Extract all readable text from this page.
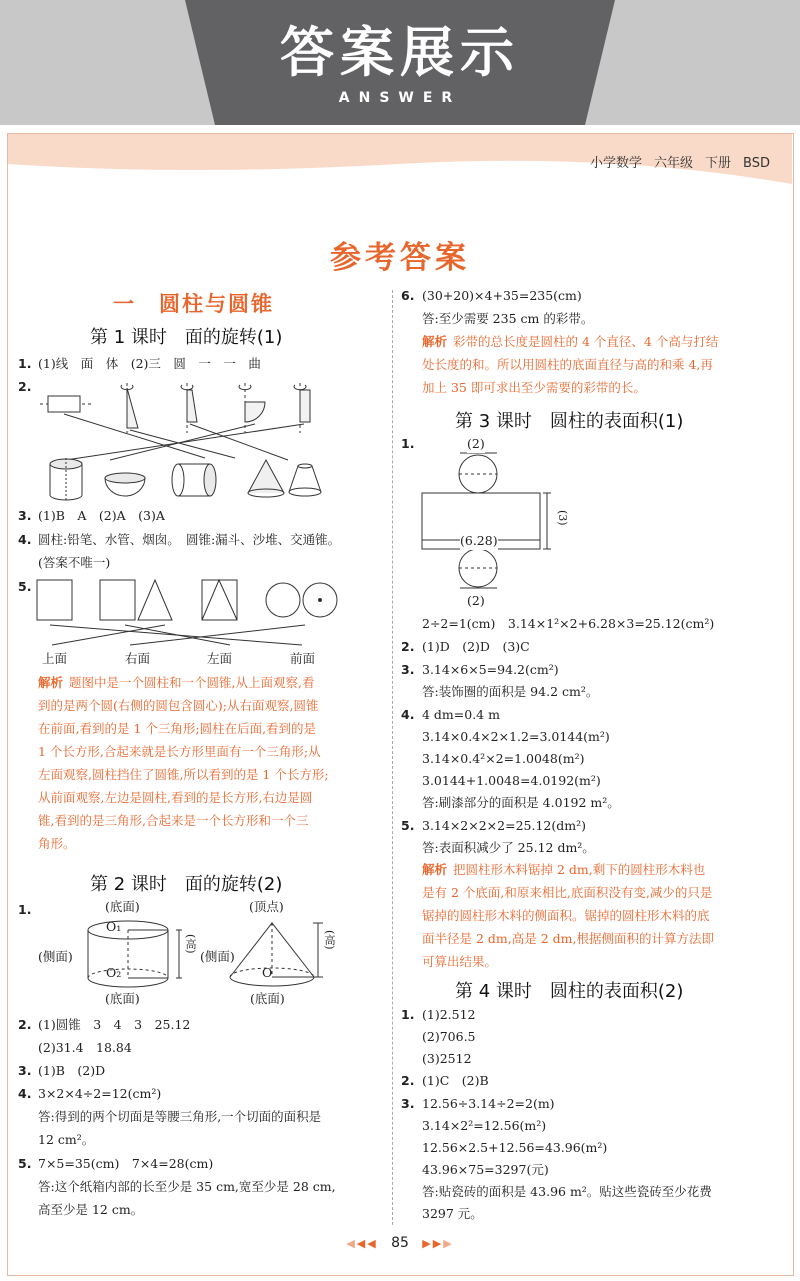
答案展示
ANSWER
小学数学 六年级 下册 BSD
参考答案
一　圆柱与圆锥
第 1 课时　面的旋转(1)
1. (1)线　面　体　(2)三　圆　一　一　曲
2.
3. (1)B　A　(2)A　(3)A
4. 圆柱:铅笔、水管、烟囱。　圆锥:漏斗、沙堆、交通锥。
(答案不唯一)
5.
上面	右面	左面	前面
解析 题图中是一个圆柱和一个圆锥,从上面观察,看
到的是两个圆(右侧的圆包含圆心);从右面观察,圆锥
在前面,看到的是 1 个三角形;圆柱在后面,看到的是
1 个长方形,合起来就是长方形里面有一个三角形;从
左面观察,圆柱挡住了圆锥,所以看到的是 1 个长方形;
从前面观察,左边是圆柱,看到的是长方形,右边是圆
锥,看到的是三角形,合起来是一个长方形和一个三
角形。
第 2 课时　面的旋转(2)
1.	(底面)
(侧面)
O₁
O₂
(高)
(底面)
(顶点)
(侧面)
O
(高)
(底面)
2. (1)圆锥　3　4　3　25.12
(2)31.4　18.84
3. (1)B　(2)D
4. 3×2×4÷2=12(cm²)
答:得到的两个切面是等腰三角形,一个切面的面积是
12 cm²。
5. 7×5=35(cm)　7×4=28(cm)
答:这个纸箱内部的长至少是 35 cm,宽至少是 28 cm,
高至少是 12 cm。
6. (30+20)×4+35=235(cm)
答:至少需要 235 cm 的彩带。
解析 彩带的总长度是圆柱的 4 个直径、4 个高与打结
处长度的和。所以用圆柱的底面直径与高的和乘 4,再
加上 35 即可求出至少需要的彩带的长。
第 3 课时　圆柱的表面积(1)
1.	(2)
(6.28)
(3)
(2)
2÷2=1(cm)　3.14×1²×2+6.28×3=25.12(cm²)
2. (1)D　(2)D　(3)C
3. 3.14×6×5=94.2(cm²)
答:装饰圈的面积是 94.2 cm²。
4. 4 dm=0.4 m
3.14×0.4×2×1.2=3.0144(m²)
3.14×0.4²×2=1.0048(m²)
3.0144+1.0048=4.0192(m²)
答:刷漆部分的面积是 4.0192 m²。
5. 3.14×2×2×2=25.12(dm²)
答:表面积减少了 25.12 dm²。
解析 把圆柱形木料锯掉 2 dm,剩下的圆柱形木料也
是有 2 个底面,和原来相比,底面积没有变,减少的只是
锯掉的圆柱形木料的侧面积。锯掉的圆柱形木料的底
面半径是 2 dm,高是 2 dm,根据侧面积的计算方法即
可算出结果。
第 4 课时　圆柱的表面积(2)
1. (1)2.512
(2)706.5
(3)2512
2. (1)C　(2)B
3. 12.56÷3.14÷2=2(m)
3.14×2²=12.56(m²)
12.56×2.5+12.56=43.96(m²)
43.96×75=3297(元)
答:贴瓷砖的面积是 43.96 m²。贴这些瓷砖至少花费
3297 元。
◀◀◀ 85 ▶▶▶
